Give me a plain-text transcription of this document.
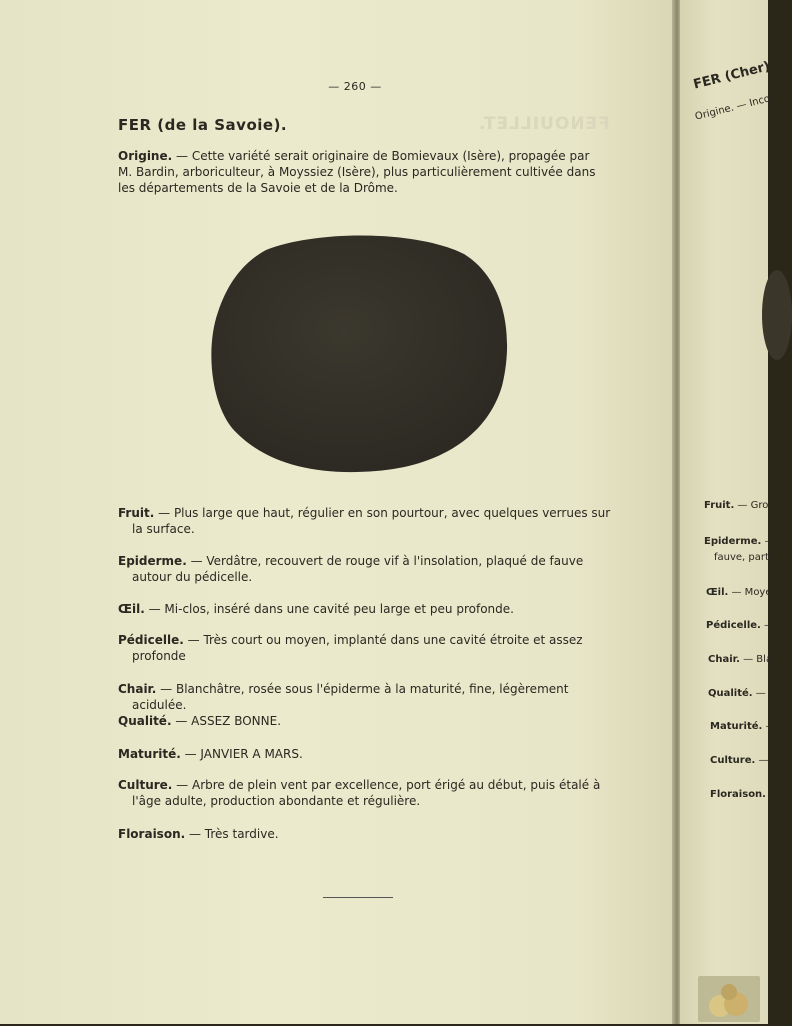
— 260 —
FENOUILLET.
FER (de la Savoie).
Origine. — Cette variété serait originaire de Bomievaux (Isère), propagée par M. Bardin, arboriculteur, à Moyssiez (Isère), plus particulièrement cultivée dans les départements de la Savoie et de la Drôme.
Fruit. — Plus large que haut, régulier en son pourtour, avec quelques verrues sur la surface.
Epiderme. — Verdâtre, recouvert de rouge vif à l'insolation, plaqué de fauve autour du pédicelle.
Œil. — Mi-clos, inséré dans une cavité peu large et peu profonde.
Pédicelle. — Très court ou moyen, implanté dans une cavité étroite et assez profonde
Chair. — Blanchâtre, rosée sous l'épiderme à la maturité, fine, légèrement acidulée.
Qualité. — ASSEZ BONNE.
Maturité. — JANVIER A MARS.
Culture. — Arbre de plein vent par excellence, port érigé au début, puis étalé à l'âge adulte, production abondante et régulière.
Floraison. — Très tardive.
FER (Cher).
Origine. — Incon
Fruit. — Gros,
Epiderme. — .
fauve, parti
Œil. — Moye
Pédicelle. — (
Chair. — Bla
Qualité. — A
Maturité. —
Culture. — (
Floraison. —
